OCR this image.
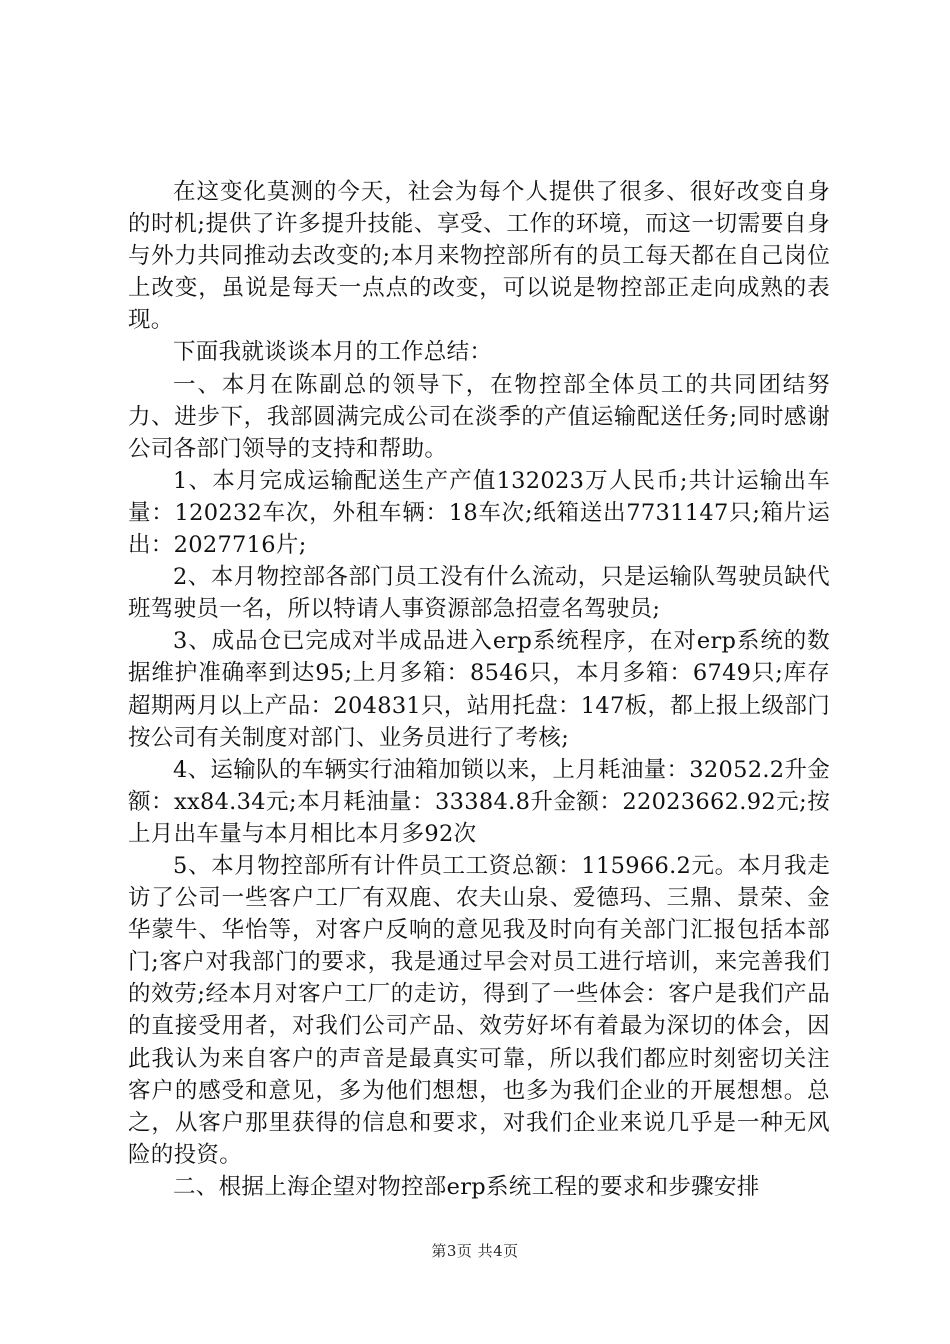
在这变化莫测的今天，社会为每个人提供了很多、很好改变自身的时机;提供了许多提升技能、享受、工作的环境，而这一切需要自身与外力共同推动去改变的;本月来物控部所有的员工每天都在自己岗位上改变，虽说是每天一点点的改变，可以说是物控部正走向成熟的表现。

下面我就谈谈本月的工作总结：

一、本月在陈副总的领导下，在物控部全体员工的共同团结努力、进步下，我部圆满完成公司在淡季的产值运输配送任务;同时感谢公司各部门领导的支持和帮助。

1、本月完成运输配送生产产值132023万人民币;共计运输出车量：120232车次，外租车辆：18车次;纸箱送出7731147只;箱片运出：2027716片;

2、本月物控部各部门员工没有什么流动，只是运输队驾驶员缺代班驾驶员一名，所以特请人事资源部急招壹名驾驶员;

3、成品仓已完成对半成品进入erp系统程序，在对erp系统的数据维护准确率到达95;上月多箱：8546只，本月多箱：6749只;库存超期两月以上产品：204831只，站用托盘：147板，都上报上级部门按公司有关制度对部门、业务员进行了考核;

4、运输队的车辆实行油箱加锁以来，上月耗油量：32052.2升金额：xx84.34元;本月耗油量：33384.8升金额：22023662.92元;按上月出车量与本月相比本月多92次

5、本月物控部所有计件员工工资总额：115966.2元。本月我走访了公司一些客户工厂有双鹿、农夫山泉、爱德玛、三鼎、景荣、金华蒙牛、华怡等，对客户反响的意见我及时向有关部门汇报包括本部门;客户对我部门的要求，我是通过早会对员工进行培训，来完善我们的效劳;经本月对客户工厂的走访，得到了一些体会：客户是我们产品的直接受用者，对我们公司产品、效劳好坏有着最为深切的体会，因此我认为来自客户的声音是最真实可靠，所以我们都应时刻密切关注客户的感受和意见，多为他们想想，也多为我们企业的开展想想。总之，从客户那里获得的信息和要求，对我们企业来说几乎是一种无风险的投资。

二、根据上海企望对物控部erp系统工程的要求和步骤安排

第3页 共4页
